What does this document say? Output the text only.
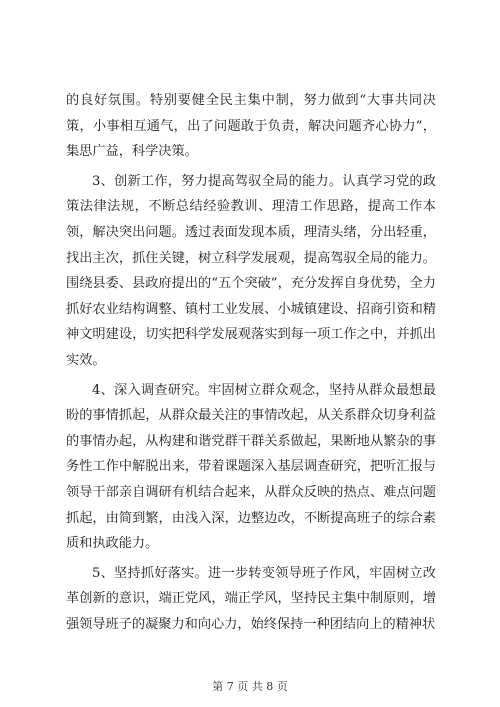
的良好氛围。特别要健全民主集中制，努力做到“大事共同决策，小事相互通气，出了问题敢于负责，解决问题齐心协力”，集思广益，科学决策。

3、创新工作，努力提高驾驭全局的能力。认真学习党的政策法律法规，不断总结经验教训、理清工作思路，提高工作本领，解决突出问题。透过表面发现本质，理清头绪，分出轻重，找出主次，抓住关键，树立科学发展观，提高驾驭全局的能力。围绕县委、县政府提出的“五个突破”，充分发挥自身优势，全力抓好农业结构调整、镇村工业发展、小城镇建设、招商引资和精神文明建设，切实把科学发展观落实到每一项工作之中，并抓出实效。

4、深入调查研究。牢固树立群众观念，坚持从群众最想最盼的事情抓起，从群众最关注的事情改起，从关系群众切身利益的事情办起，从构建和谐党群干群关系做起，果断地从繁杂的事务性工作中解脱出来，带着课题深入基层调查研究，把听汇报与领导干部亲自调研有机结合起来，从群众反映的热点、难点问题抓起，由简到繁，由浅入深，边整边改，不断提高班子的综合素质和执政能力。

5、坚持抓好落实。进一步转变领导班子作风，牢固树立改革创新的意识，端正党风，端正学风，坚持民主集中制原则，增强领导班子的凝聚力和向心力，始终保持一种团结向上的精神状

第 7 页 共 8 页
